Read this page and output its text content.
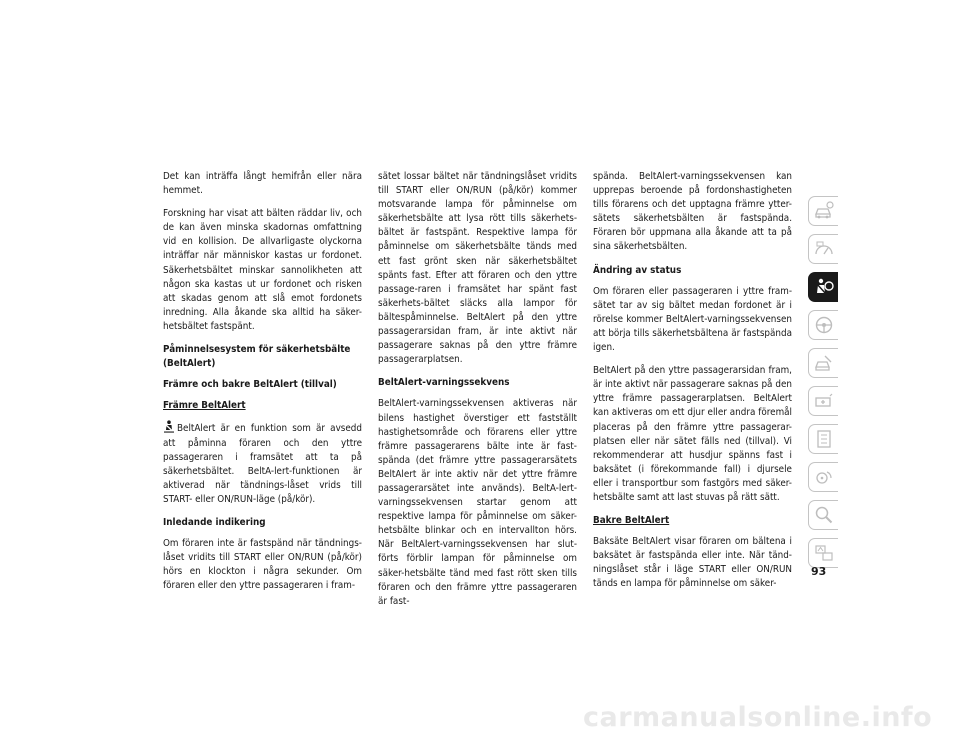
Det kan inträffa långt hemifrån eller nära hemmet.

Forskning har visat att bälten räddar liv, och de kan även minska skadornas omfattning vid en kollision. De allvarligaste olyckorna inträffar när människor kastas ur fordonet. Säkerhetsbältet minskar sannolikheten att någon ska kastas ut ur fordonet och risken att skadas genom att slå emot fordonets inredning. Alla åkande ska alltid ha säker-hetsbältet fastspänt.

Påminnelsesystem för säkerhetsbälte (BeltAlert)
Främre och bakre BeltAlert (tillval)
Främre BeltAlert

BeltAlert är en funktion som är avsedd att påminna föraren och den yttre passageraren i framsätet att ta på säkerhetsbältet. BeltA-lert-funktionen är aktiverad när tändnings-låset vrids till START- eller ON/RUN-läge (på/kör).

Inledande indikering

Om föraren inte är fastspänd när tändnings-låset vridits till START eller ON/RUN (på/kör) hörs en klockton i några sekunder. Om föraren eller den yttre passageraren i fram-

sätet lossar bältet när tändningslåset vridits till START eller ON/RUN (på/kör) kommer motsvarande lampa för påminnelse om säkerhetsbälte att lysa rött tills säkerhets-bältet är fastspänt. Respektive lampa för påminnelse om säkerhetsbälte tänds med ett fast grönt sken när säkerhetsbältet spänts fast. Efter att föraren och den yttre passage-raren i framsätet har spänt fast säkerhets-bältet släcks alla lampor för bältespåminnelse. BeltAlert på den yttre passagerarsidan fram, är inte aktivt när passagerare saknas på den yttre främre passagerarplatsen.

BeltAlert-varningssekvens

BeltAlert-varningssekvensen aktiveras när bilens hastighet överstiger ett fastställt hastighetsområde och förarens eller yttre främre passagerarens bälte inte är fast-spända (det främre yttre passagerarsätets BeltAlert är inte aktiv när det yttre främre passagerarsätet inte används). BeltA-lert-varningssekvensen startar genom att respektive lampa för påminnelse om säker-hetsbälte blinkar och en intervallton hörs. När BeltAlert-varningssekvensen har slut-förts förblir lampan för påminnelse om säker-hetsbälte tänd med fast rött sken tills föraren och den främre yttre passageraren är fast-

spända. BeltAlert-varningssekvensen kan upprepas beroende på fordonshastigheten tills förarens och det upptagna främre ytter-sätets säkerhetsbälten är fastspända. Föraren bör uppmana alla åkande att ta på sina säkerhetsbälten.

Ändring av status

Om föraren eller passageraren i yttre fram-sätet tar av sig bältet medan fordonet är i rörelse kommer BeltAlert-varningssekvensen att börja tills säkerhetsbältena är fastspända igen.

BeltAlert på den yttre passagerarsidan fram, är inte aktivt när passagerare saknas på den yttre främre passagerarplatsen. BeltAlert kan aktiveras om ett djur eller andra föremål placeras på den främre yttre passagerar-platsen eller när sätet fälls ned (tillval). Vi rekommenderar att husdjur spänns fast i baksätet (i förekommande fall) i djursele eller i transportbur som fastgörs med säker-hetsbälte samt att last stuvas på rätt sätt.

Bakre BeltAlert

Baksäte BeltAlert visar föraren om bältena i baksätet är fastspända eller inte. När tänd-ningslåset står i läge START eller ON/RUN tänds en lampa för påminnelse om säker-

93
carmanualsonline.info
